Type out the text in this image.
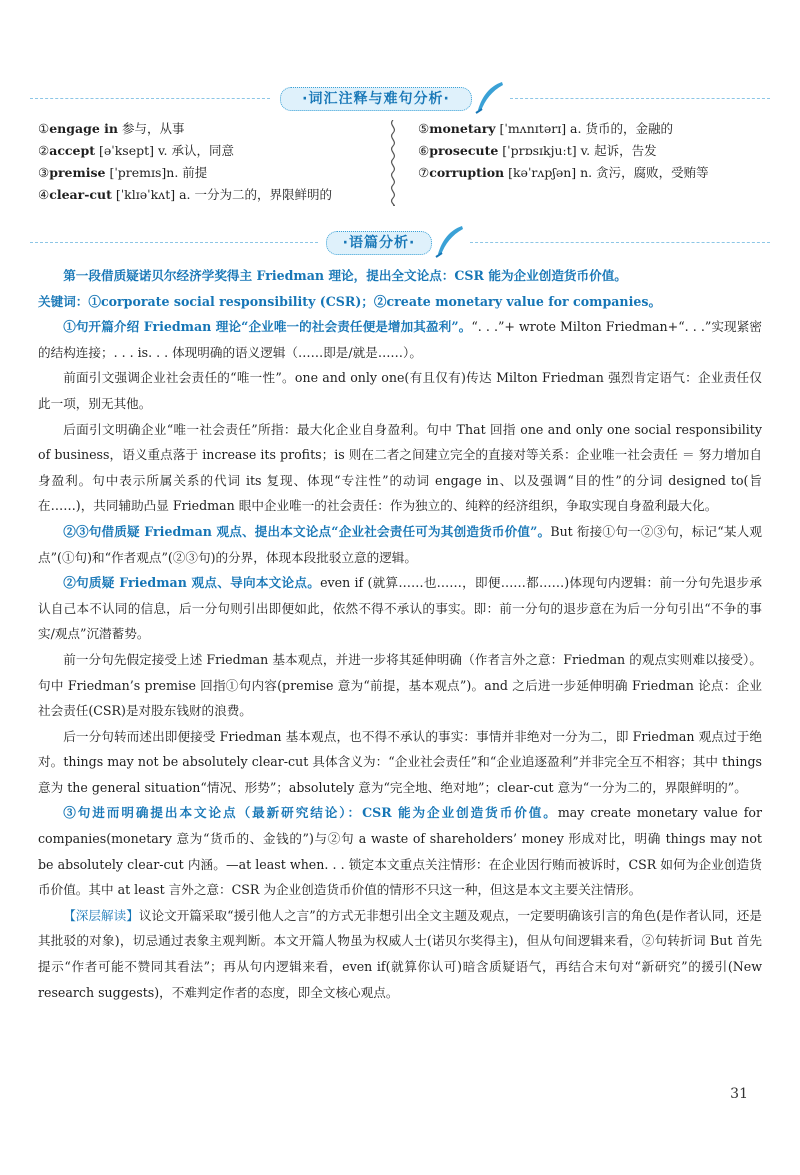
·词汇注释与难句分析·
①engage in 参与，从事
②accept [əˈksept] v. 承认，同意
③premise [ˈpremɪs]n. 前提
④clear-cut [ˈklɪəˈkʌt] a. 一分为二的，界限鲜明的
⑤monetary [ˈmʌnɪtərɪ] a. 货币的，金融的
⑥prosecute [ˈprɒsɪkjuːt] v. 起诉，告发
⑦corruption [kəˈrʌpʃən] n. 贪污，腐败，受贿等
·语篇分析·

第一段借质疑诺贝尔经济学奖得主 Friedman 理论，提出全文论点：CSR 能为企业创造货币价值。

关键词：①corporate social responsibility (CSR)；②create monetary value for companies。

①句开篇介绍 Friedman 理论“企业唯一的社会责任便是增加其盈利”。“. . .”+ wrote Milton Friedman+“. . .”实现紧密的结构连接；. . . is. . . 体现明确的语义逻辑（……即是/就是……）。

前面引文强调企业社会责任的“唯一性”。one and only one(有且仅有)传达 Milton Friedman 强烈肯定语气：企业责任仅此一项，别无其他。

后面引文明确企业“唯一社会责任”所指：最大化企业自身盈利。句中 That 回指 one and only one social responsibility of business，语义重点落于 increase its profits；is 则在二者之间建立完全的直接对等关系：企业唯一社会责任 ＝ 努力增加自身盈利。句中表示所属关系的代词 its 复现、体现“专注性”的动词 engage in、以及强调“目的性”的分词 designed to(旨在……)，共同辅助凸显 Friedman 眼中企业唯一的社会责任：作为独立的、纯粹的经济组织，争取实现自身盈利最大化。

②③句借质疑 Friedman 观点、提出本文论点“企业社会责任可为其创造货币价值”。But 衔接①句一②③句，标记“某人观点”(①句)和“作者观点”(②③句)的分界，体现本段批驳立意的逻辑。

②句质疑 Friedman 观点、导向本文论点。even if (就算……也……，即便……都……)体现句内逻辑：前一分句先退步承认自己本不认同的信息，后一分句则引出即便如此，依然不得不承认的事实。即：前一分句的退步意在为后一分句引出“不争的事实/观点”沉潜蓄势。

前一分句先假定接受上述 Friedman 基本观点，并进一步将其延伸明确（作者言外之意：Friedman 的观点实则难以接受）。句中 Friedman’s premise 回指①句内容(premise 意为“前提，基本观点”)。and 之后进一步延伸明确 Friedman 论点：企业社会责任(CSR)是对股东钱财的浪费。

后一分句转而述出即便接受 Friedman 基本观点，也不得不承认的事实：事情并非绝对一分为二，即 Friedman 观点过于绝对。things may not be absolutely clear-cut 具体含义为：“企业社会责任”和“企业追逐盈利”并非完全互不相容；其中 things 意为 the general situation“情况、形势”；absolutely 意为“完全地、绝对地”；clear-cut 意为“一分为二的，界限鲜明的”。

③句进而明确提出本文论点（最新研究结论）：CSR 能为企业创造货币价值。may create monetary value for companies(monetary 意为“货币的、金钱的”)与②句 a waste of shareholders’ money 形成对比，明确 things may not be absolutely clear-cut 内涵。—at least when. . . 锁定本文重点关注情形：在企业因行贿而被诉时，CSR 如何为企业创造货币价值。其中 at least 言外之意：CSR 为企业创造货币价值的情形不只这一种，但这是本文主要关注情形。

【深层解读】议论文开篇采取“援引他人之言”的方式无非想引出全文主题及观点，一定要明确该引言的角色(是作者认同，还是其批驳的对象)，切忌通过表象主观判断。本文开篇人物虽为权威人士(诺贝尔奖得主)，但从句间逻辑来看，②句转折词 But 首先提示“作者可能不赞同其看法”；再从句内逻辑来看，even if(就算你认可)暗含质疑语气，再结合末句对“新研究”的援引(New research suggests)，不难判定作者的态度，即全文核心观点。

31
